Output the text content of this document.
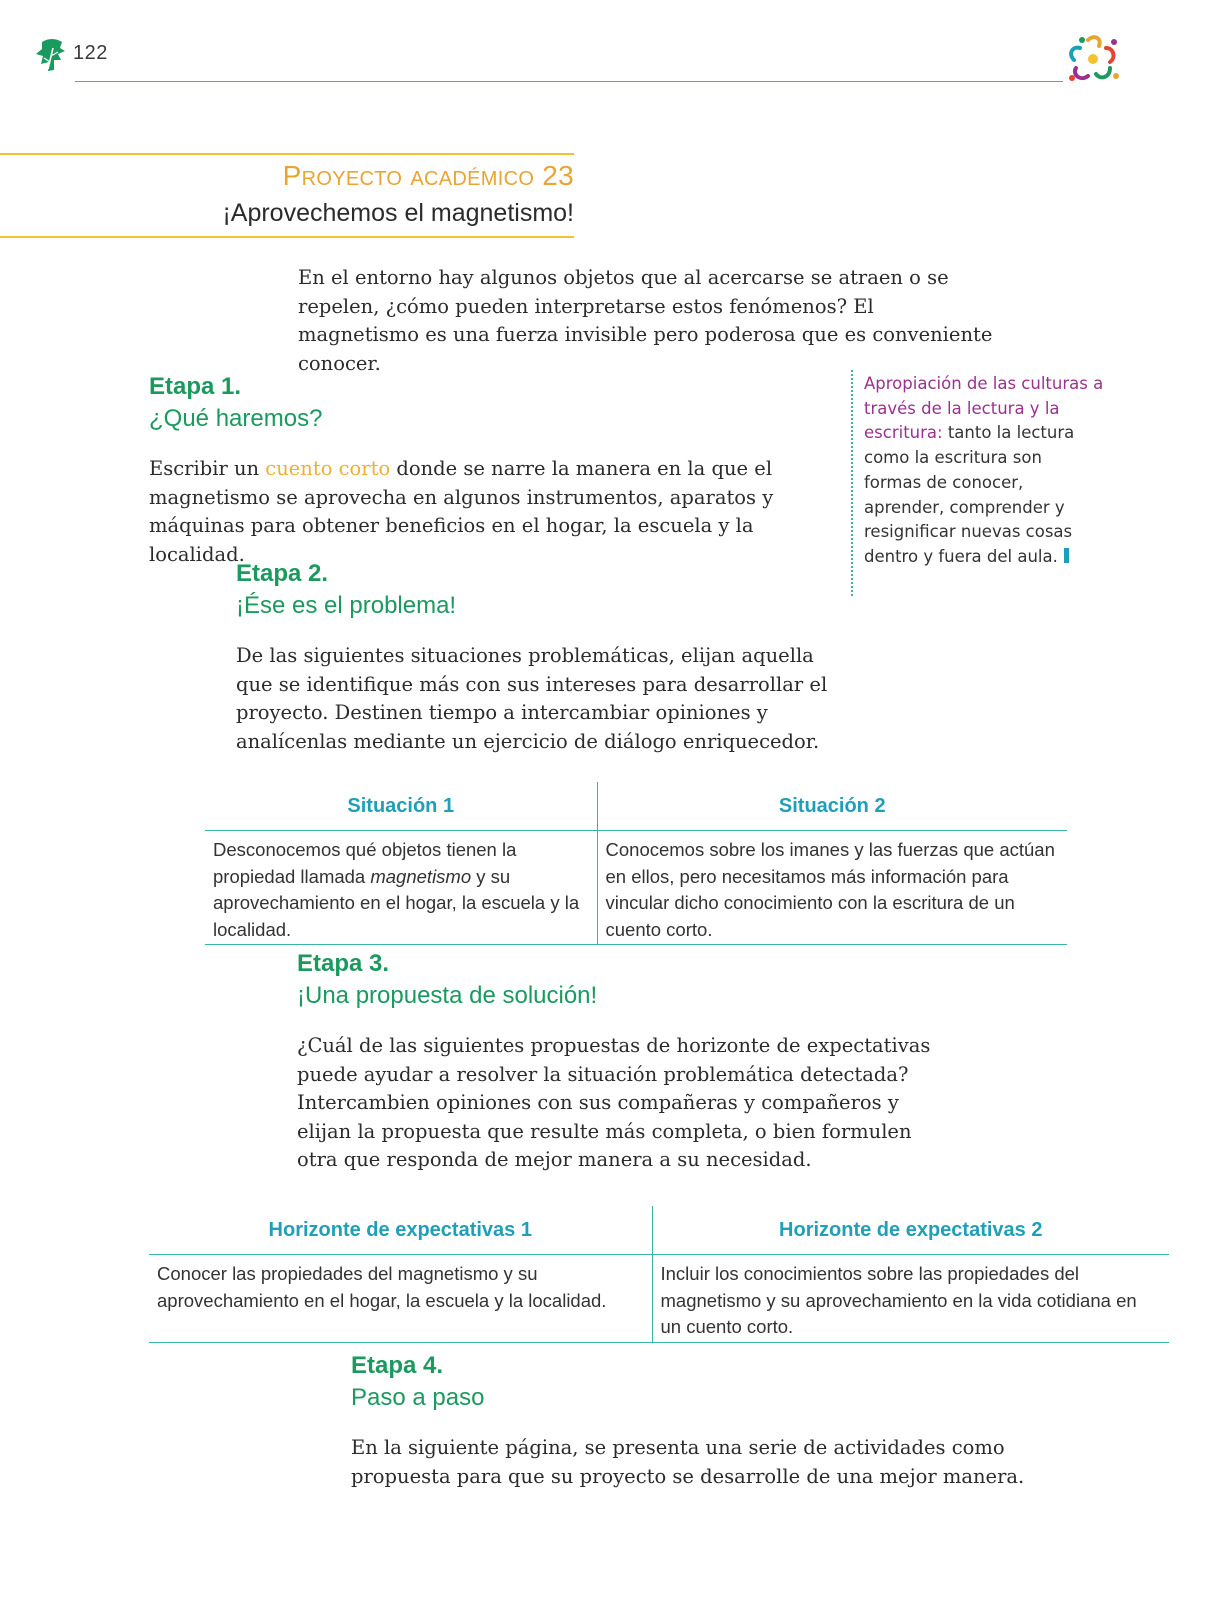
122
Proyecto académico 23
¡Aprovechemos el magnetismo!
En el entorno hay algunos objetos que al acercarse se atraen o se repelen, ¿cómo pueden interpretarse estos fenómenos? El magnetismo es una fuerza invisible pero poderosa que es conveniente conocer.
Etapa 1.
¿Qué haremos?
Escribir un cuento corto donde se narre la manera en la que el magnetismo se aprovecha en algunos instrumentos, aparatos y máquinas para obtener beneficios en el hogar, la escuela y la localidad.
Apropiación de las culturas a través de la lectura y la escritura: tanto la lectura como la escritura son formas de conocer, aprender, comprender y resignificar nuevas cosas dentro y fuera del aula.
Etapa 2.
¡Ése es el problema!
De las siguientes situaciones problemáticas, elijan aquella que se identifique más con sus intereses para desarrollar el proyecto. Destinen tiempo a intercambiar opiniones y analícenlas mediante un ejercicio de diálogo enriquecedor.
Situación 1	Situación 2
Desconocemos qué objetos tienen la propiedad llamada magnetismo y su aprovechamiento en el hogar, la escuela y la localidad.	Conocemos sobre los imanes y las fuerzas que actúan en ellos, pero necesitamos más información para vincular dicho conocimiento con la escritura de un cuento corto.
Etapa 3.
¡Una propuesta de solución!
¿Cuál de las siguientes propuestas de horizonte de expectativas puede ayudar a resolver la situación problemática detectada? Intercambien opiniones con sus compañeras y compañeros y elijan la propuesta que resulte más completa, o bien formulen otra que responda de mejor manera a su necesidad.
Horizonte de expectativas 1	Horizonte de expectativas 2
Conocer las propiedades del magnetismo y su aprovechamiento en el hogar, la escuela y la localidad.	Incluir los conocimientos sobre las propiedades del magnetismo y su aprovechamiento en la vida cotidiana en un cuento corto.
Etapa 4.
Paso a paso
En la siguiente página, se presenta una serie de actividades como propuesta para que su proyecto se desarrolle de una mejor manera.
